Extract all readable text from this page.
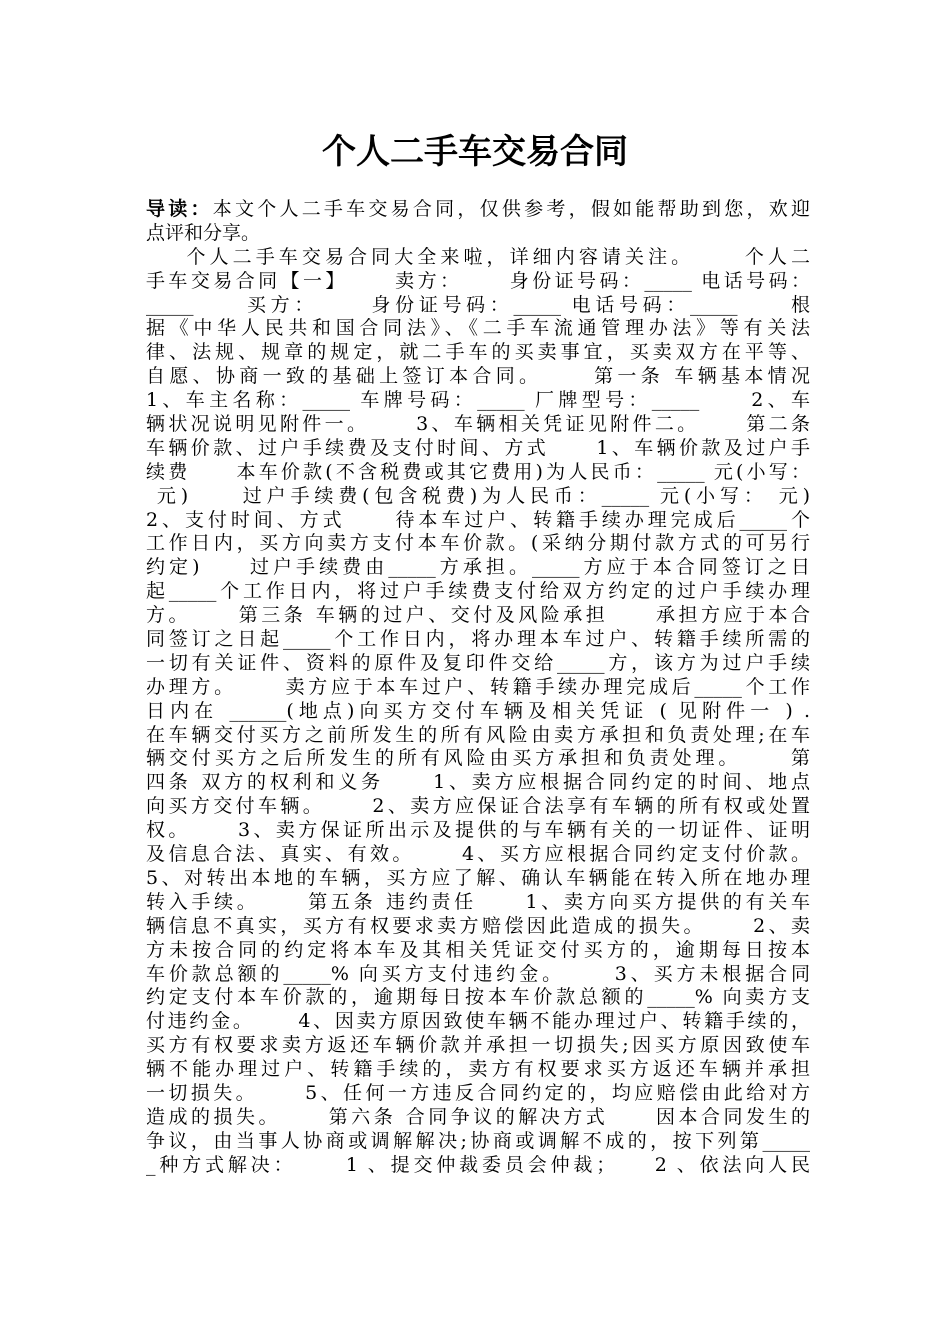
个人二手车交易合同
导读：本文个人二手车交易合同，仅供参考，假如能帮助到您，欢迎
点评和分享。
个人二手车交易合同大全来啦，详细内容请关注。     个人二
手车交易合同【一】     卖方：     身份证号码：_____ 电话号码：
_____     买方：     身份证号码：_____ 电话号码：_____     根
据《中华人民共和国合同法》、《二手车流通管理办法》等有关法
律、法规、规章的规定，就二手车的买卖事宜，买卖双方在平等、
自愿、协商一致的基础上签订本合同。     第一条 车辆基本情况
1、车主名称：_____ 车牌号码：_____ 厂牌型号：_____     2、车
辆状况说明见附件一。     3、车辆相关凭证见附件二。     第二条
车辆价款、过户手续费及支付时间、方式     1、车辆价款及过户手
续费     本车价款(不含税费或其它费用)为人民币：_____ 元(小写：
元)     过户手续费(包含税费)为人民币：_____ 元(小写： 元)
2、支付时间、方式     待本车过户、转籍手续办理完成后_____个
工作日内，买方向卖方支付本车价款。(采纳分期付款方式的可另行
约定)     过户手续费由_____方承担。_____方应于本合同签订之日
起_____个工作日内，将过户手续费支付给双方约定的过户手续办理
方。     第三条 车辆的过户、交付及风险承担     承担方应于本合
同签订之日起_____个工作日内，将办理本车过户、转籍手续所需的
一切有关证件、资料的原件及复印件交给_____方，该方为过户手续
办理方。     卖方应于本车过户、转籍手续办理完成后_____个工作
日内在 ______(地点)向买方交付车辆及相关凭证 ( 见附件一 ) .
在车辆交付买方之前所发生的所有风险由卖方承担和负责处理;在车
辆交付买方之后所发生的所有风险由买方承担和负责处理。     第
四条 双方的权利和义务     1、卖方应根据合同约定的时间、地点
向买方交付车辆。     2、卖方应保证合法享有车辆的所有权或处置
权。     3、卖方保证所出示及提供的与车辆有关的一切证件、证明
及信息合法、真实、有效。     4、买方应根据合同约定支付价款。
5、对转出本地的车辆，买方应了解、确认车辆能在转入所在地办理
转入手续。     第五条 违约责任     1、卖方向买方提供的有关车
辆信息不真实，买方有权要求卖方赔偿因此造成的损失。     2、卖
方未按合同的约定将本车及其相关凭证交付买方的，逾期每日按本
车价款总额的_____% 向买方支付违约金。     3、买方未根据合同
约定支付本车价款的，逾期每日按本车价款总额的_____% 向卖方支
付违约金。     4、因卖方原因致使车辆不能办理过户、转籍手续的，
买方有权要求卖方返还车辆价款并承担一切损失;因买方原因致使车
辆不能办理过户、转籍手续的，卖方有权要求买方返还车辆并承担
一切损失。     5、任何一方违反合同约定的，均应赔偿由此给对方
造成的损失。     第六条 合同争议的解决方式     因本合同发生的
争议，由当事人协商或调解解决;协商或调解不成的，按下列第_____
_种方式解决：     1 、提交仲裁委员会仲裁；    2 、依法向人民
